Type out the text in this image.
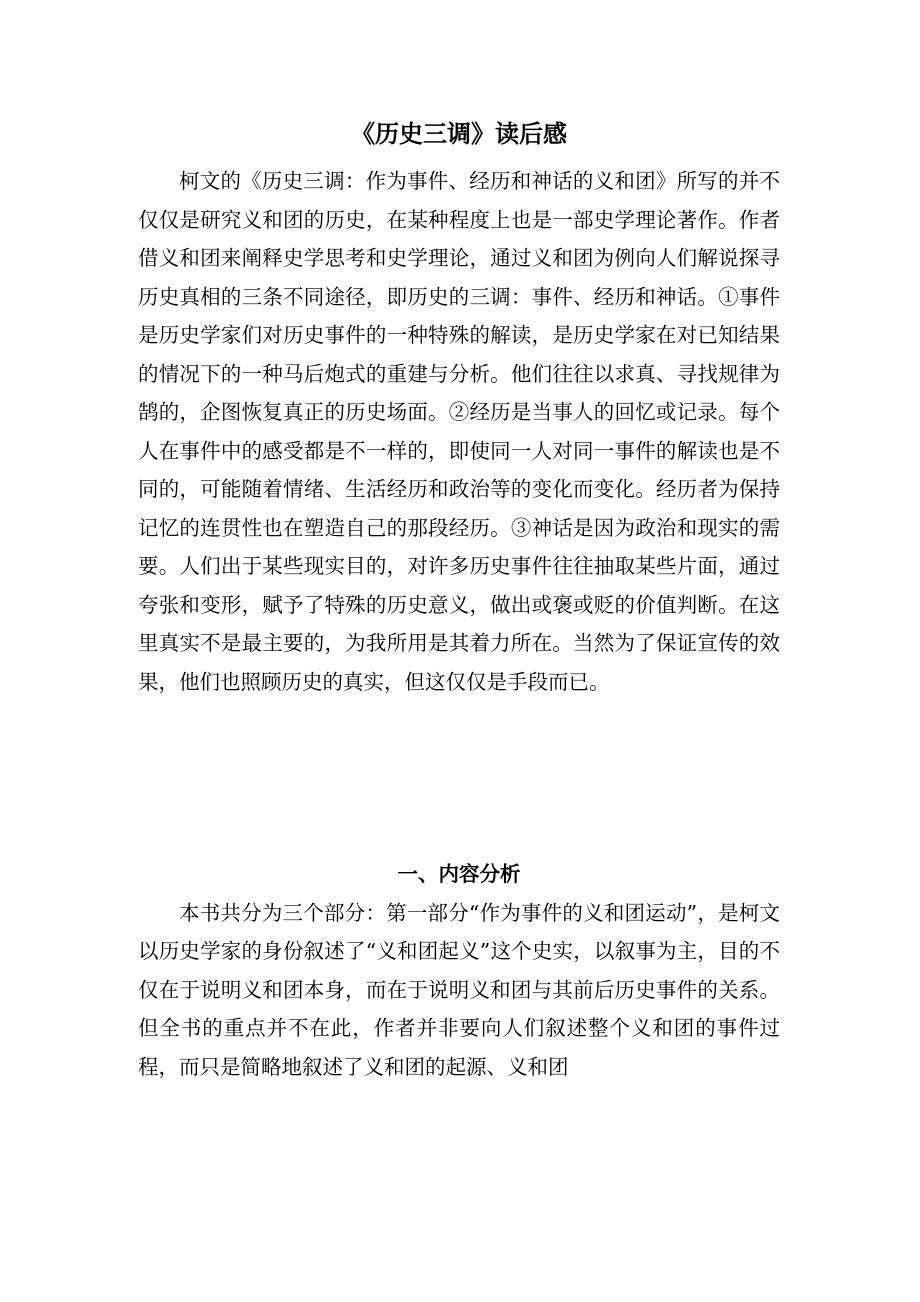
《历史三调》读后感

柯文的《历史三调：作为事件、经历和神话的义和团》所写的并不仅仅是研究义和团的历史，在某种程度上也是一部史学理论著作。作者借义和团来阐释史学思考和史学理论，通过义和团为例向人们解说探寻历史真相的三条不同途径，即历史的三调：事件、经历和神话。①事件是历史学家们对历史事件的一种特殊的解读，是历史学家在对已知结果的情况下的一种马后炮式的重建与分析。他们往往以求真、寻找规律为鹄的，企图恢复真正的历史场面。②经历是当事人的回忆或记录。每个人在事件中的感受都是不一样的，即使同一人对同一事件的解读也是不同的，可能随着情绪、生活经历和政治等的变化而变化。经历者为保持记忆的连贯性也在塑造自己的那段经历。③神话是因为政治和现实的需要。人们出于某些现实目的，对许多历史事件往往抽取某些片面，通过夸张和变形，赋予了特殊的历史意义，做出或褒或贬的价值判断。在这里真实不是最主要的，为我所用是其着力所在。当然为了保证宣传的效果，他们也照顾历史的真实，但这仅仅是手段而已。

一、内容分析

本书共分为三个部分：第一部分“作为事件的义和团运动”，是柯文以历史学家的身份叙述了“义和团起义”这个史实，以叙事为主，目的不仅在于说明义和团本身，而在于说明义和团与其前后历史事件的关系。但全书的重点并不在此，作者并非要向人们叙述整个义和团的事件过程，而只是简略地叙述了义和团的起源、义和团
